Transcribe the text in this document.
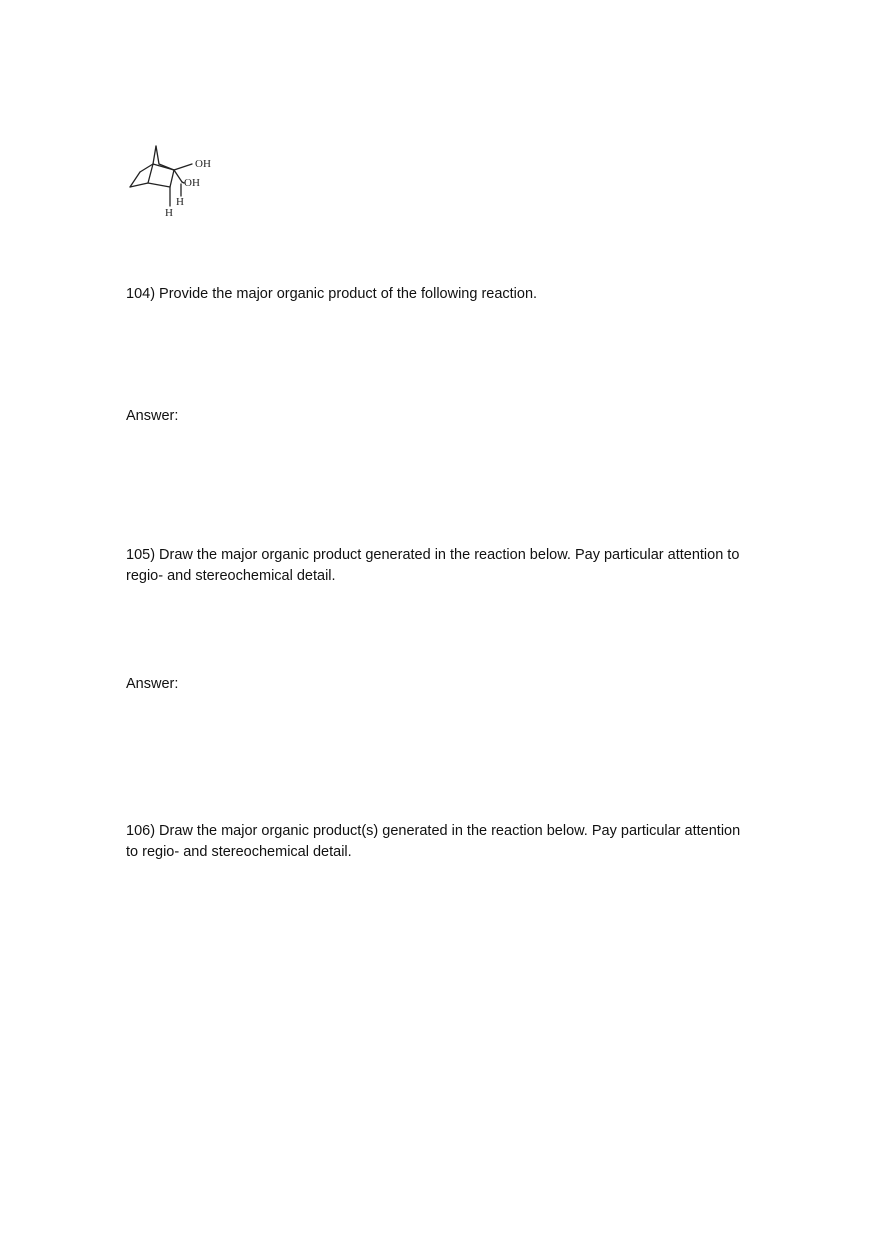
OH
OH
H
H

104) Provide the major organic product of the following reaction.

Answer:

105) Draw the major organic product generated in the reaction below. Pay particular attention to regio- and stereochemical detail.

Answer:

106) Draw the major organic product(s) generated in the reaction below. Pay particular attention to regio- and stereochemical detail.
